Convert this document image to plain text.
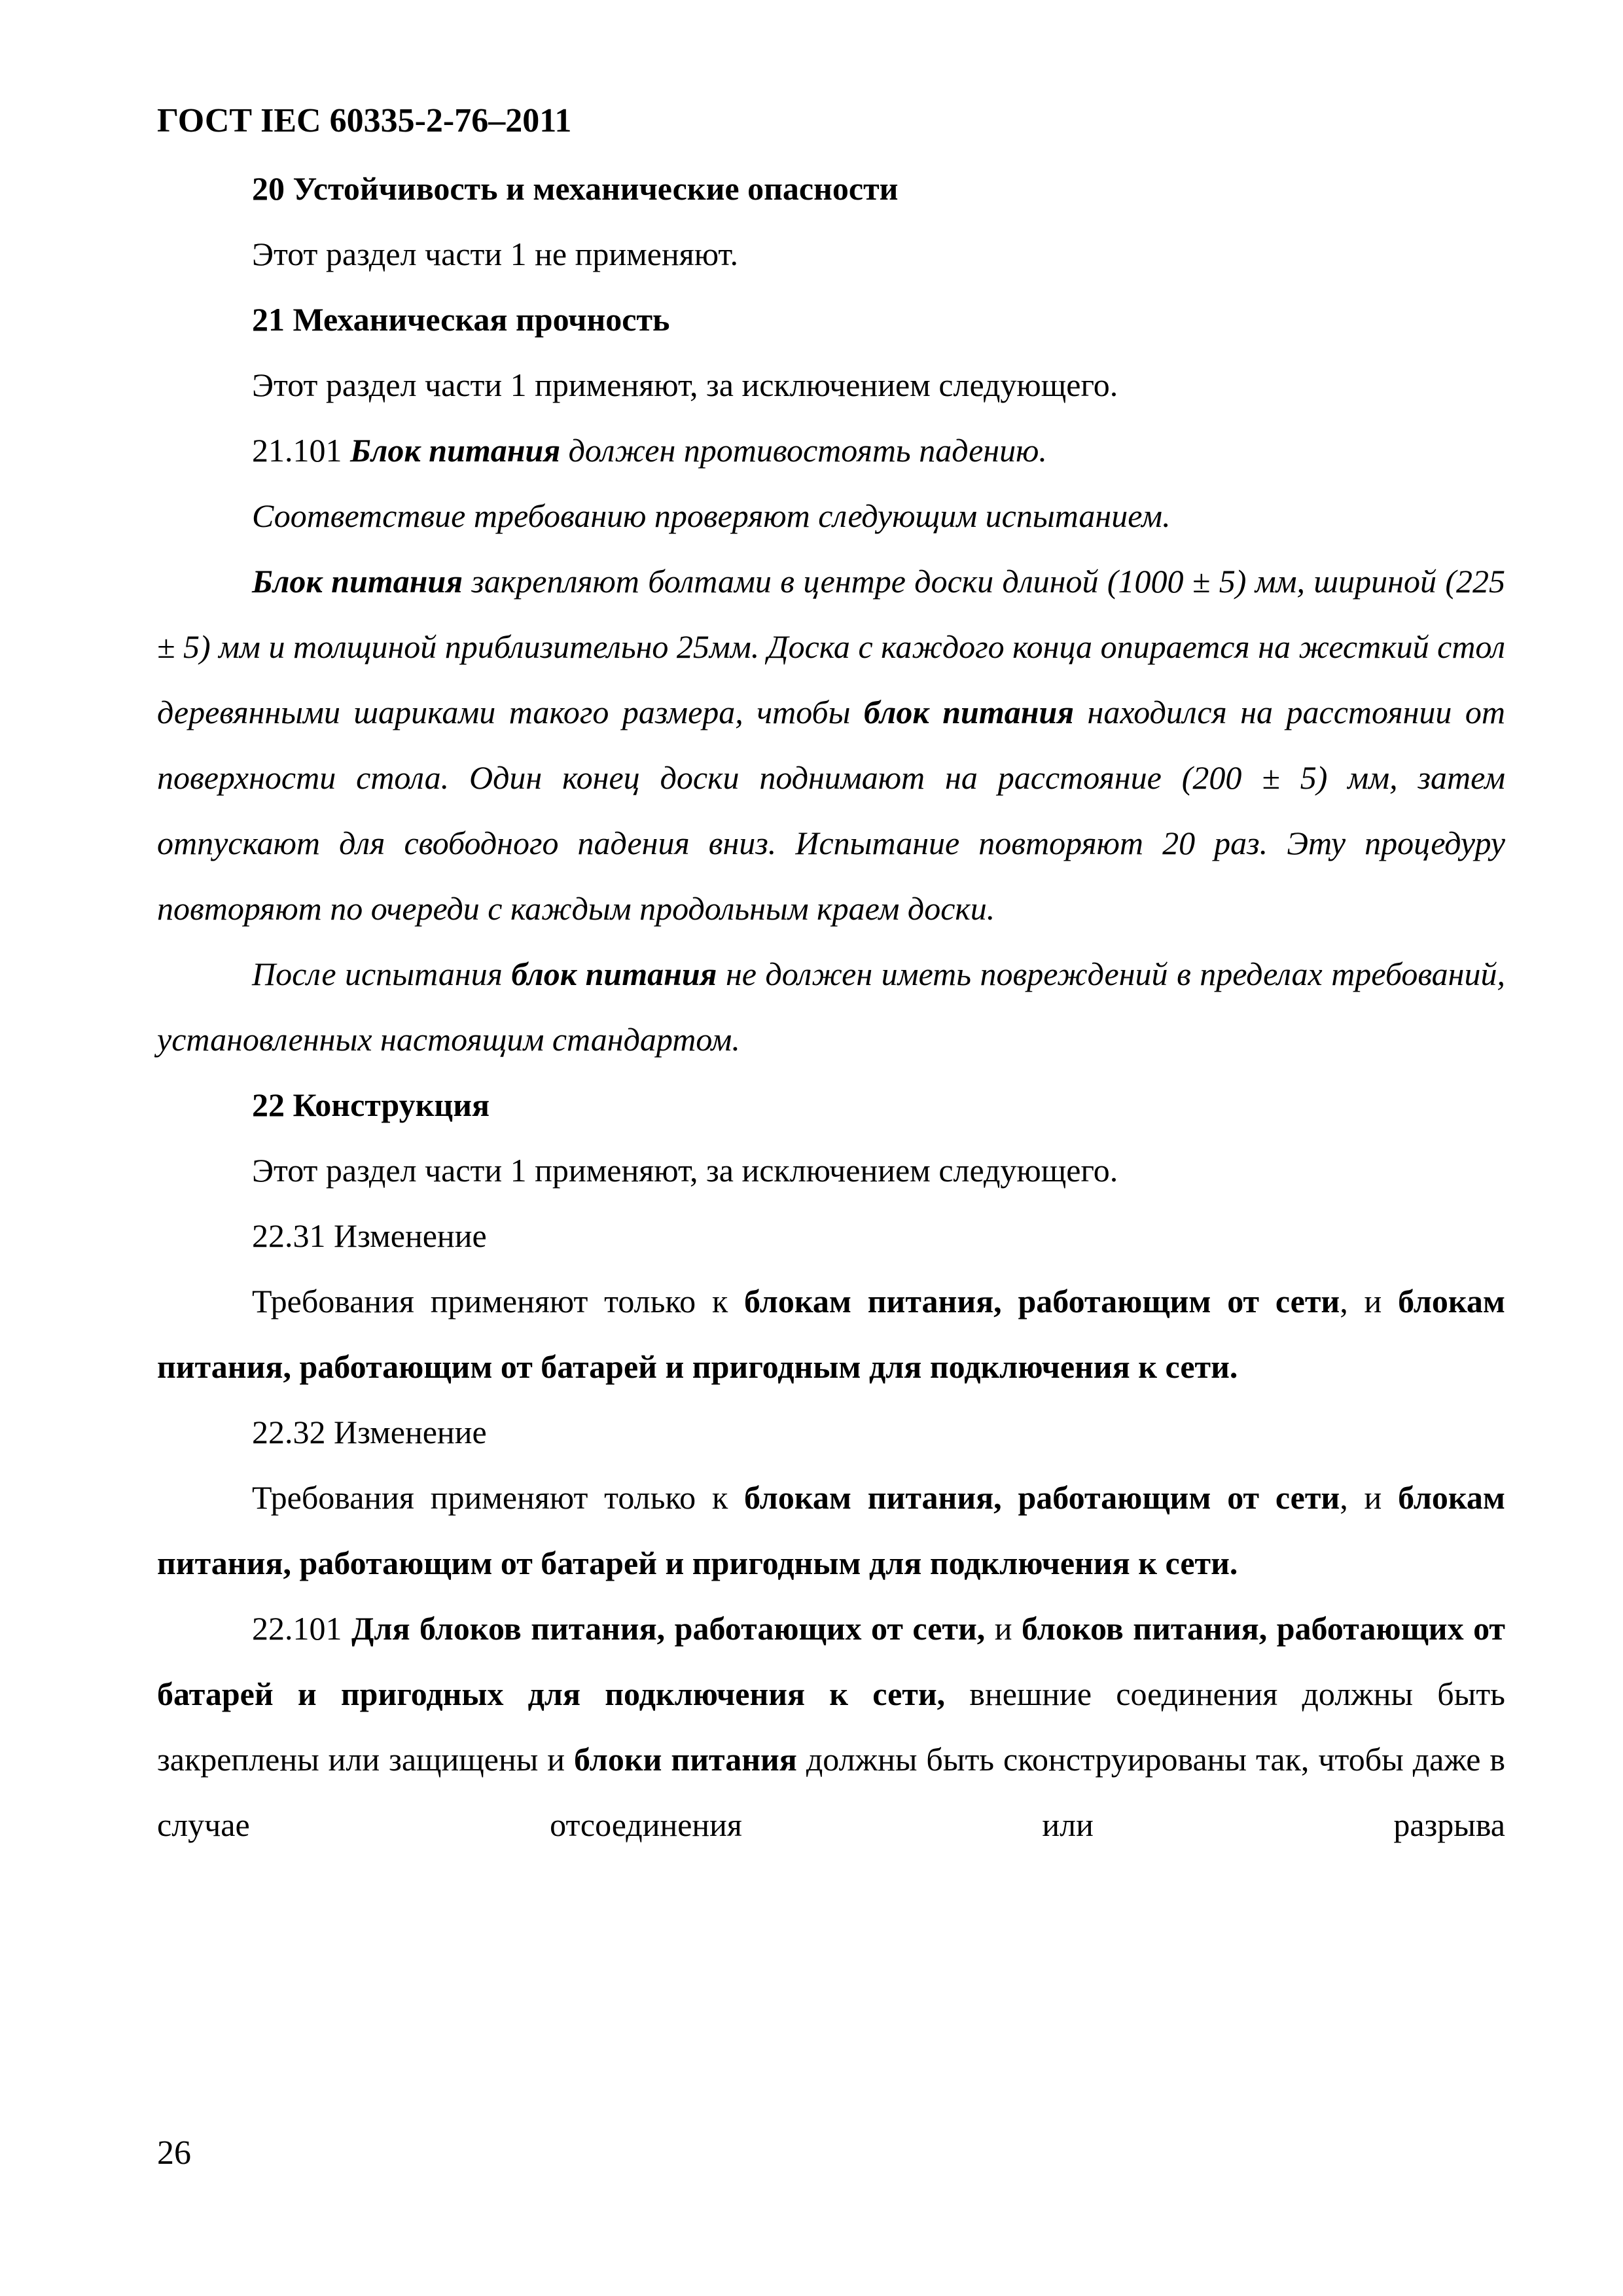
ГОСТ IEC 60335-2-76–2011

20 Устойчивость и механические опасности

Этот раздел части 1 не применяют.

21 Механическая прочность

Этот раздел части 1 применяют, за исключением следующего.

21.101 Блок питания должен противостоять падению.

Соответствие требованию проверяют следующим испытанием.

Блок питания закрепляют болтами в центре доски длиной (1000 ± 5) мм, шириной (225 ± 5) мм и толщиной приблизительно 25мм. Доска с каждого конца опирается на жесткий стол деревянными шариками такого размера, чтобы блок питания находился на расстоянии от поверхности стола. Один конец доски поднимают на расстояние (200 ± 5) мм, затем отпускают для свободного падения вниз. Испытание повторяют 20 раз. Эту процедуру повторяют по очереди с каждым продольным краем доски.

После испытания блок питания не должен иметь повреждений в пределах требований, установленных настоящим стандартом.

22 Конструкция

Этот раздел части 1 применяют, за исключением следующего.

22.31 Изменение

Требования применяют только к блокам питания, работающим от сети, и блокам питания, работающим от батарей и пригодным для подключения к сети.

22.32 Изменение

Требования применяют только к блокам питания, работающим от сети, и блокам питания, работающим от батарей и пригодным для подключения к сети.

22.101 Для блоков питания, работающих от сети, и блоков питания, работающих от батарей и пригодных для подключения к сети, внешние соединения должны быть закреплены или защищены и блоки питания должны быть сконструированы так, чтобы даже в случае отсоединения или разрыва

26
